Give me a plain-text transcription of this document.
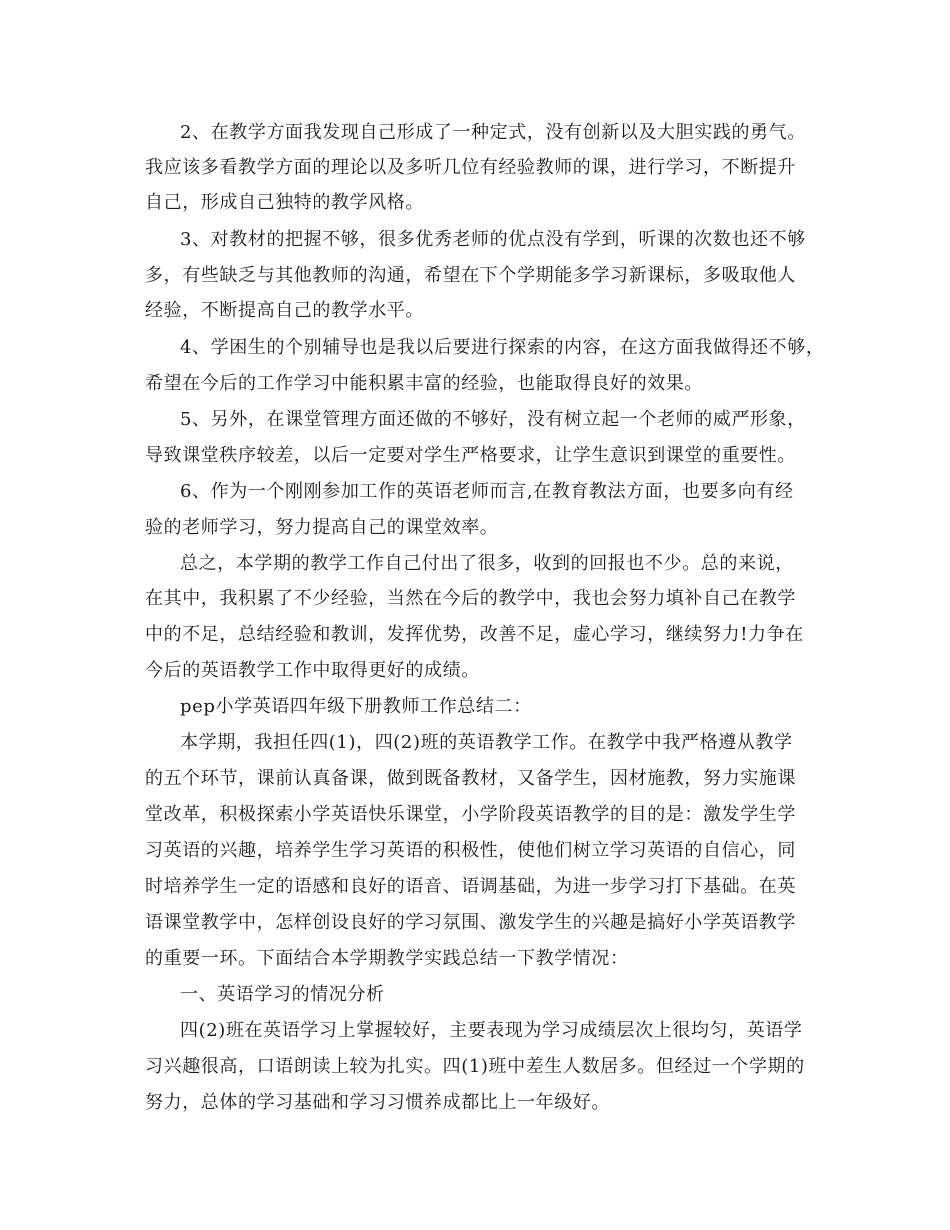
2、在教学方面我发现自己形成了一种定式，没有创新以及大胆实践的勇气。
我应该多看教学方面的理论以及多听几位有经验教师的课，进行学习，不断提升
自己，形成自己独特的教学风格。
3、对教材的把握不够，很多优秀老师的优点没有学到，听课的次数也还不够
多，有些缺乏与其他教师的沟通，希望在下个学期能多学习新课标，多吸取他人
经验，不断提高自己的教学水平。
4、学困生的个别辅导也是我以后要进行探索的内容，在这方面我做得还不够，
希望在今后的工作学习中能积累丰富的经验，也能取得良好的效果。
5、另外，在课堂管理方面还做的不够好，没有树立起一个老师的威严形象，
导致课堂秩序较差，以后一定要对学生严格要求，让学生意识到课堂的重要性。
6、作为一个刚刚参加工作的英语老师而言,在教育教法方面，也要多向有经
验的老师学习，努力提高自己的课堂效率。
总之，本学期的教学工作自己付出了很多，收到的回报也不少。总的来说，
在其中，我积累了不少经验，当然在今后的教学中，我也会努力填补自己在教学
中的不足，总结经验和教训，发挥优势，改善不足，虚心学习，继续努力!力争在
今后的英语教学工作中取得更好的成绩。
pep小学英语四年级下册教师工作总结二：
本学期，我担任四(1)，四(2)班的英语教学工作。在教学中我严格遵从教学
的五个环节，课前认真备课，做到既备教材，又备学生，因材施教，努力实施课
堂改革，积极探索小学英语快乐课堂，小学阶段英语教学的目的是：激发学生学
习英语的兴趣，培养学生学习英语的积极性，使他们树立学习英语的自信心，同
时培养学生一定的语感和良好的语音、语调基础，为进一步学习打下基础。在英
语课堂教学中，怎样创设良好的学习氛围、激发学生的兴趣是搞好小学英语教学
的重要一环。下面结合本学期教学实践总结一下教学情况：
一、英语学习的情况分析
四(2)班在英语学习上掌握较好，主要表现为学习成绩层次上很均匀，英语学
习兴趣很高，口语朗读上较为扎实。四(1)班中差生人数居多。但经过一个学期的
努力，总体的学习基础和学习习惯养成都比上一年级好。
